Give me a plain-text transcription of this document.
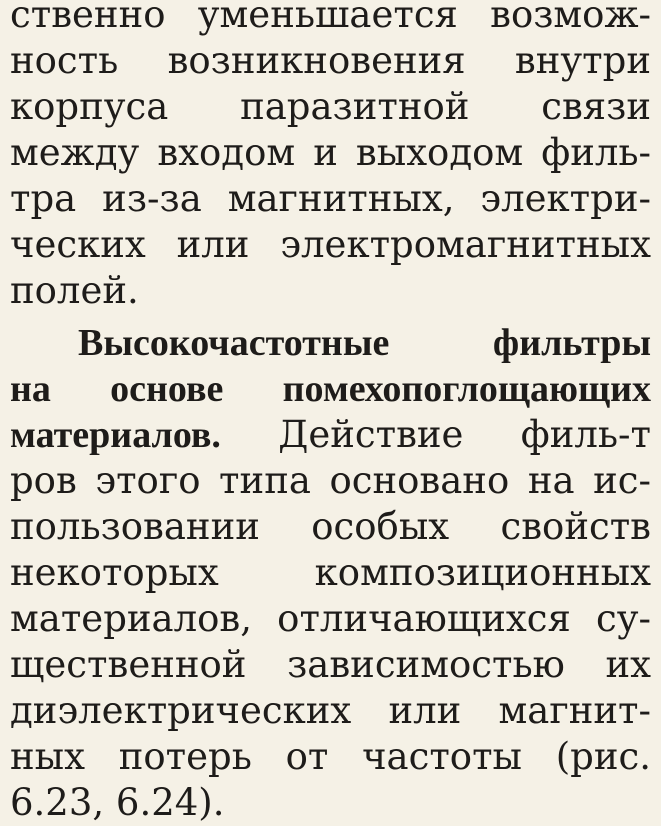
ственно уменьшается возмож-
ность возникновения внутри
корпуса паразитной связи
между входом и выходом филь-
тра из-за магнитных, электри-
ческих или электромагнитных
полей.
Высокочастотные фильтры
на основе помехопоглощающих
материалов. Действие филь-т
ров этого типа основано на ис-
пользовании особых свойств
некоторых композиционных
материалов, отличающихся су-
щественной зависимостью их
диэлектрических или магнит-
ных потерь от частоты (рис.
6.23, 6.24).
